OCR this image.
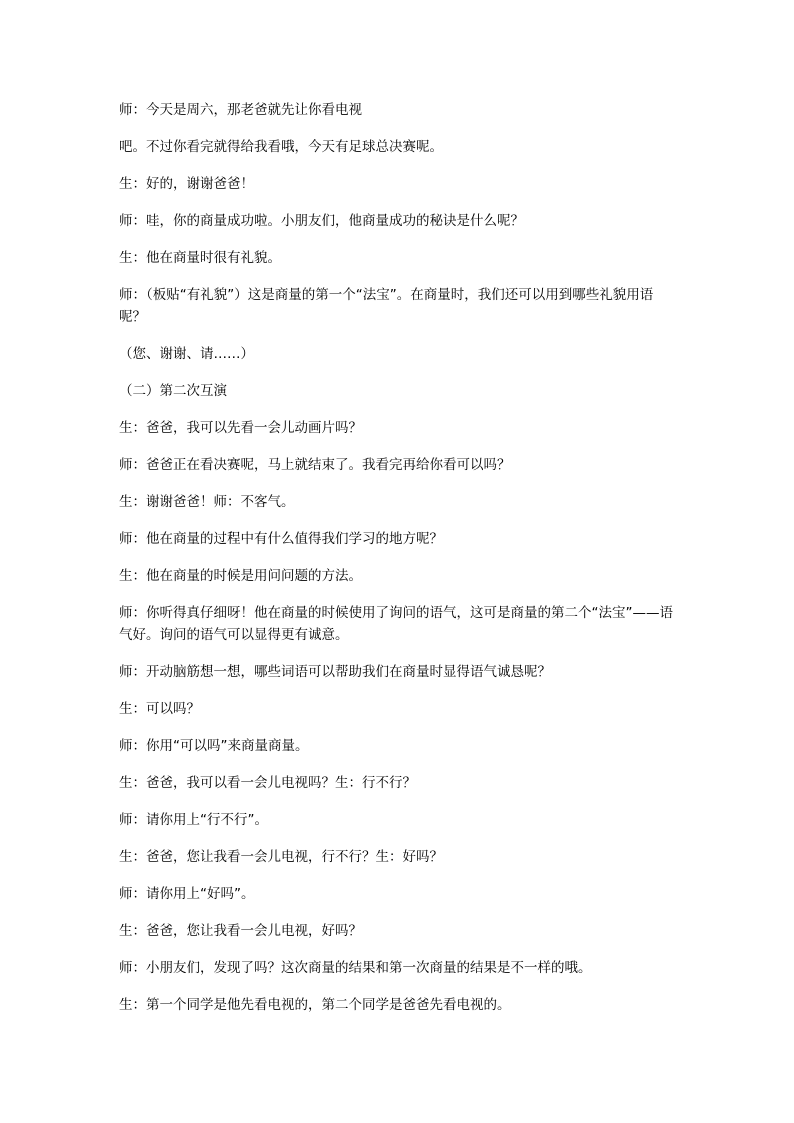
师：今天是周六，那老爸就先让你看电视

吧。不过你看完就得给我看哦，今天有足球总决赛呢。

生：好的，谢谢爸爸！

师：哇，你的商量成功啦。小朋友们，他商量成功的秘诀是什么呢？

生：他在商量时很有礼貌。

师：（板贴“有礼貌”）这是商量的第一个“法宝”。在商量时，我们还可以用到哪些礼貌用语呢？

（您、谢谢、请……）

（二）第二次互演

生：爸爸，我可以先看一会儿动画片吗？

师：爸爸正在看决赛呢，马上就结束了。我看完再给你看可以吗？

生：谢谢爸爸！师：不客气。

师：他在商量的过程中有什么值得我们学习的地方呢？

生：他在商量的时候是用问问题的方法。

师：你听得真仔细呀！他在商量的时候使用了询问的语气，这可是商量的第二个“法宝”——语气好。询问的语气可以显得更有诚意。

师：开动脑筋想一想，哪些词语可以帮助我们在商量时显得语气诚恳呢？

生：可以吗？

师：你用“可以吗”来商量商量。

生：爸爸，我可以看一会儿电视吗？生：行不行？

师：请你用上“行不行”。

生：爸爸，您让我看一会儿电视，行不行？生：好吗？

师：请你用上“好吗”。

生：爸爸，您让我看一会儿电视，好吗？

师：小朋友们，发现了吗？这次商量的结果和第一次商量的结果是不一样的哦。

生：第一个同学是他先看电视的，第二个同学是爸爸先看电视的。
